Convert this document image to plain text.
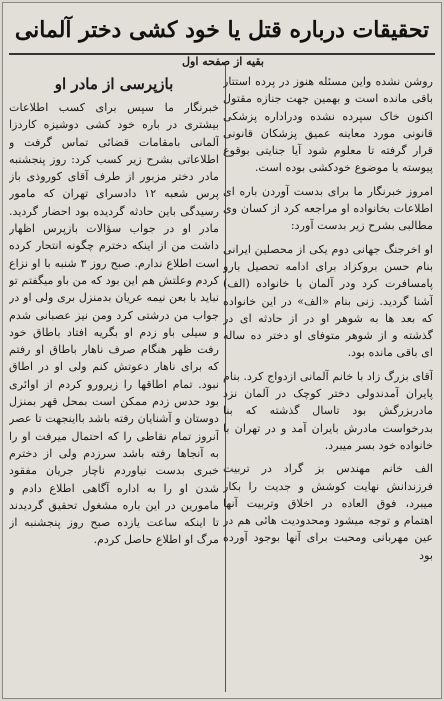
تحقیقات درباره قتل یا خود کشی دختر آلمانی
بقیه از صفحه اول

روشن نشده واین مسئله هنوز در پرده استتار باقی مانده است و بهمین جهت جنازه مقتول اکنون خاک سپرده نشده ودراداره پزشکی قانونی مورد معاینه عمیق پزشکان قانونی قرار گرفته تا معلوم شود آیا جنایتی بوقوع پیوسته یا موضوع خودکشی بوده است.

امروز خبرنگار ما برای بدست آوردن باره ای اطلاعات بخانواده او مراجعه کرد از کسان وی مطالبی بشرح زیر بدست آورد:

او اخرجنگ جهانی دوم یکی از محصلین ایرانی بنام حسن بروکزاد برای ادامه تحصیل بارو پامسافرت کرد ودر آلمان با خانواده (الف) آشنا گردید. زنی بنام «الف» در این خانواده که بعد ها به شوهر او در از حادثه ای در گذشته و از شوهر متوفای او دختر ده ساله ای باقی مانده بود.

آقای بزرگ زاد با خانم آلمانی ازدواج کرد. بنام پایران آمدندولی دختر کوچک در آلمان نزد مادربزرگش بود تاسال گذشته که بنا بدرخواست مادرش بایران آمد و در تهران با خانواده خود بسر میبرد.

الف خانم مهندس بز گراد در تربیت فرزندانش نهایت کوشش و جدیت را بکار میبرد، فوق العاده در اخلاق وتربیت آنها اهتمام و توجه میشود ومحدودیت هائی هم در عین مهربانی ومحبت برای آنها بوجود آورده بود

بازپرسی از مادر او

خبرنگار ما سپس برای کسب اطلاعات بیشتری در باره خود کشی دوشیزه کاردزا آلمانی بامقامات قضائی تماس گرفت و اطلاعاتی بشرح زیر کسب کرد: روز پنجشنبه مادر دختر مزبور از طرف آقای کوروذی باز پرس شعبه ۱۲ دادسرای تهران که مامور رسیدگی باین حادثه گردیده بود احضار گردید. مادر او در جواب سؤالات بازپرس اظهار داشت من از اینکه دخترم چگونه انتحار کرده است اطلاع ندارم. صبح روز ۳ شنبه با او نزاع کردم وعلتش هم این بود که من باو میگفتم تو نباید با بعن نیمه عریان بدمنزل بری ولی او در جواب من درشتی کرد ومن نیز عصبانی شدم و سیلی باو زدم او بگریه افتاد باطاق خود رفت ظهر هنگام صرف ناهار باطاق او رفتم که برای ناهار دعوتش کنم ولی او در اطاق نبود. تمام اطاقها را زیرورو کردم از اوائری بود حدس زدم ممکن است بمحل قهر بمنزل دوستان و آشنایان رفته باشد بااینجهت تا عصر آنروز تمام نقاطی را که احتمال میرفت او را به آنجاها رفته باشد سرزدم ولی از دخترم خبری بدست نیاوردم ناچار جریان مفقود شدن او را به اداره آگاهی اطلاع دادم و مامورین در این باره مشغول تحقیق گردیدند تا اینکه ساعت یازده صبح روز پنجشنبه از مرگ او اطلاع حاصل کردم.
